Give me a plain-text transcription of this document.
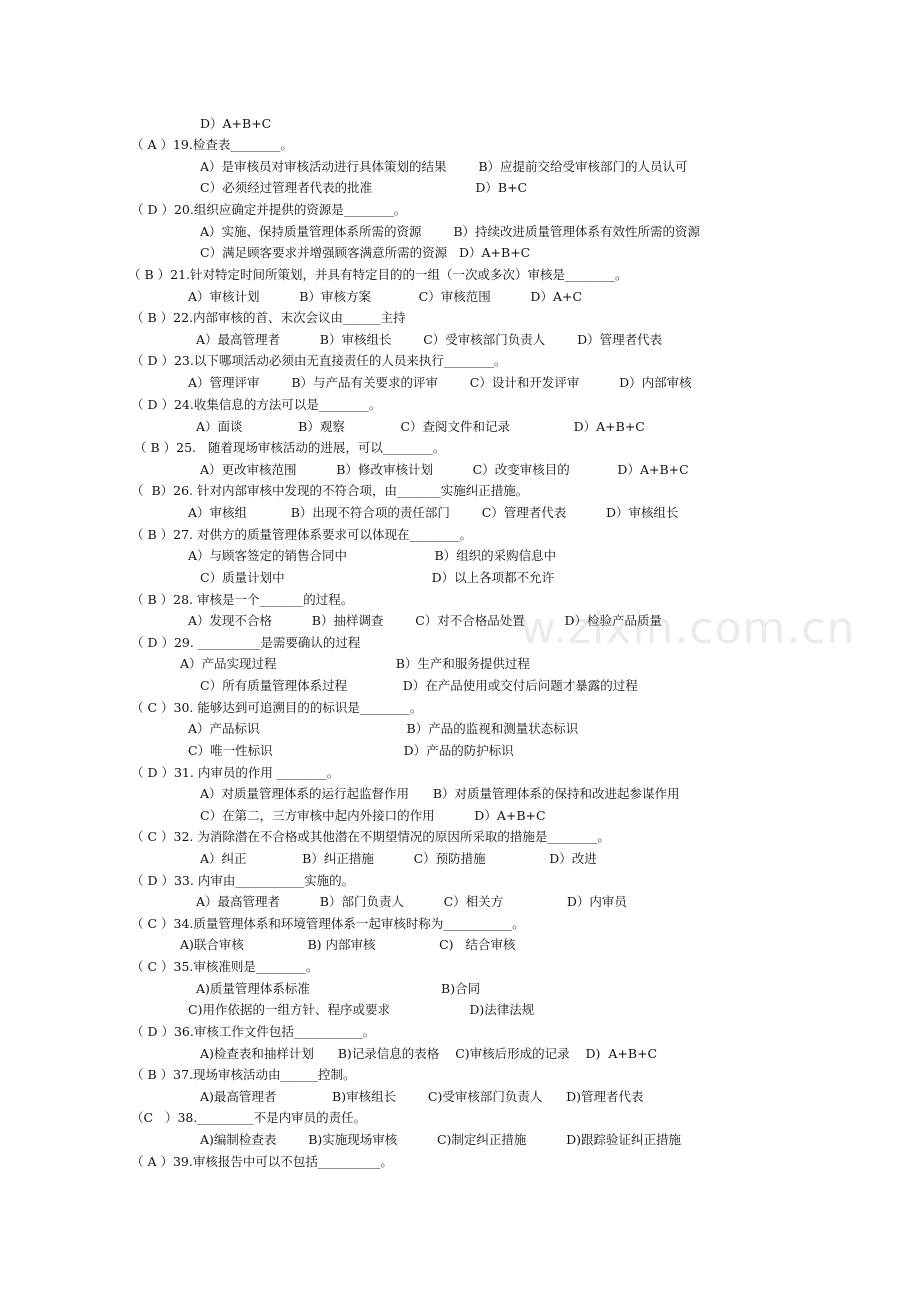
w.zixin.com.cn
D）A+B+C
（ A ）19.检查表________。
A）是审核员对审核活动进行具体策划的结果        B）应提前交给受审核部门的人员认可
C）必须经过管理者代表的批准                          D）B+C
（ D ）20.组织应确定并提供的资源是________。
A）实施、保持质量管理体系所需的资源        B）持续改进质量管理体系有效性所需的资源
C）满足顾客要求并增强顾客满意所需的资源   D）A+B+C
（ B ）21.针对特定时间所策划，并具有特定目的的一组（一次或多次）审核是________。
A）审核计划          B）审核方案            C）审核范围          D）A+C
（ B ）22.内部审核的首、末次会议由______主持
A）最高管理者          B）审核组长        C）受审核部门负责人        D）管理者代表
（ D ）23.以下哪项活动必须由无直接责任的人员来执行________。
A）管理评审        B）与产品有关要求的评审        C）设计和开发评审          D）内部审核
（ D ）24.收集信息的方法可以是________。
A）面谈              B）观察              C）查阅文件和记录                D）A+B+C
（ B ）25.   随着现场审核活动的进展，可以________。
A）更改审核范围          B）修改审核计划          C）改变审核目的            D）A+B+C
（  B）26. 针对内部审核中发现的不符合项，由_______实施纠正措施。
A）审核组           B）出现不符合项的责任部门        C）管理者代表          D）审核组长
（ B ）27. 对供方的质量管理体系要求可以体现在________。
A）与顾客签定的销售合同中                      B）组织的采购信息中
C）质量计划中                                     D）以上各项都不允许
（ B ）28. 审核是一个_______的过程。
A）发现不合格          B）抽样调查        C）对不合格品处置          D）检验产品质量
（ D ）29. __________是需要确认的过程
A）产品实现过程                              B）生产和服务提供过程
C）所有质量管理体系过程              D）在产品使用或交付后问题才暴露的过程
（ C ）30. 能够达到可追溯目的的标识是________。
A）产品标识                                     B）产品的监视和测量状态标识
C）唯一性标识                                 D）产品的防护标识
（ D ）31. 内审员的作用 ________。
A）对质量管理体系的运行起监督作用      B）对质量管理体系的保持和改进起参谋作用
C）在第二，三方审核中起内外接口的作用          D）A+B+C
（ C ）32. 为消除潜在不合格或其他潜在不期望情况的原因所采取的措施是________。
A）纠正              B）纠正措施          C）预防措施                D）改进
（ D ）33. 内审由___________实施的。
A）最高管理者          B）部门负责人          C）相关方                D）内审员
（ C ）34.质量管理体系和环境管理体系一起审核时称为___________。
A)联合审核                B) 内部审核                C)   结合审核
（ C ）35.审核准则是________。
A)质量管理体系标准                                 B)合同
C)用作依据的一组方针、程序或要求                    D)法律法规
（ D ）36.审核工作文件包括___________。
A)检查表和抽样计划      B)记录信息的表格    C)审核后形成的记录    D)  A+B+C
（ B ）37.现场审核活动由______控制。
A)最高管理者              B)审核组长        C)受审核部门负责人      D)管理者代表
（C   ）38._________不是内审员的责任。
A)编制检查表        B)实施现场审核          C)制定纠正措施          D)跟踪验证纠正措施
（ A ）39.审核报告中可以不包括__________。
